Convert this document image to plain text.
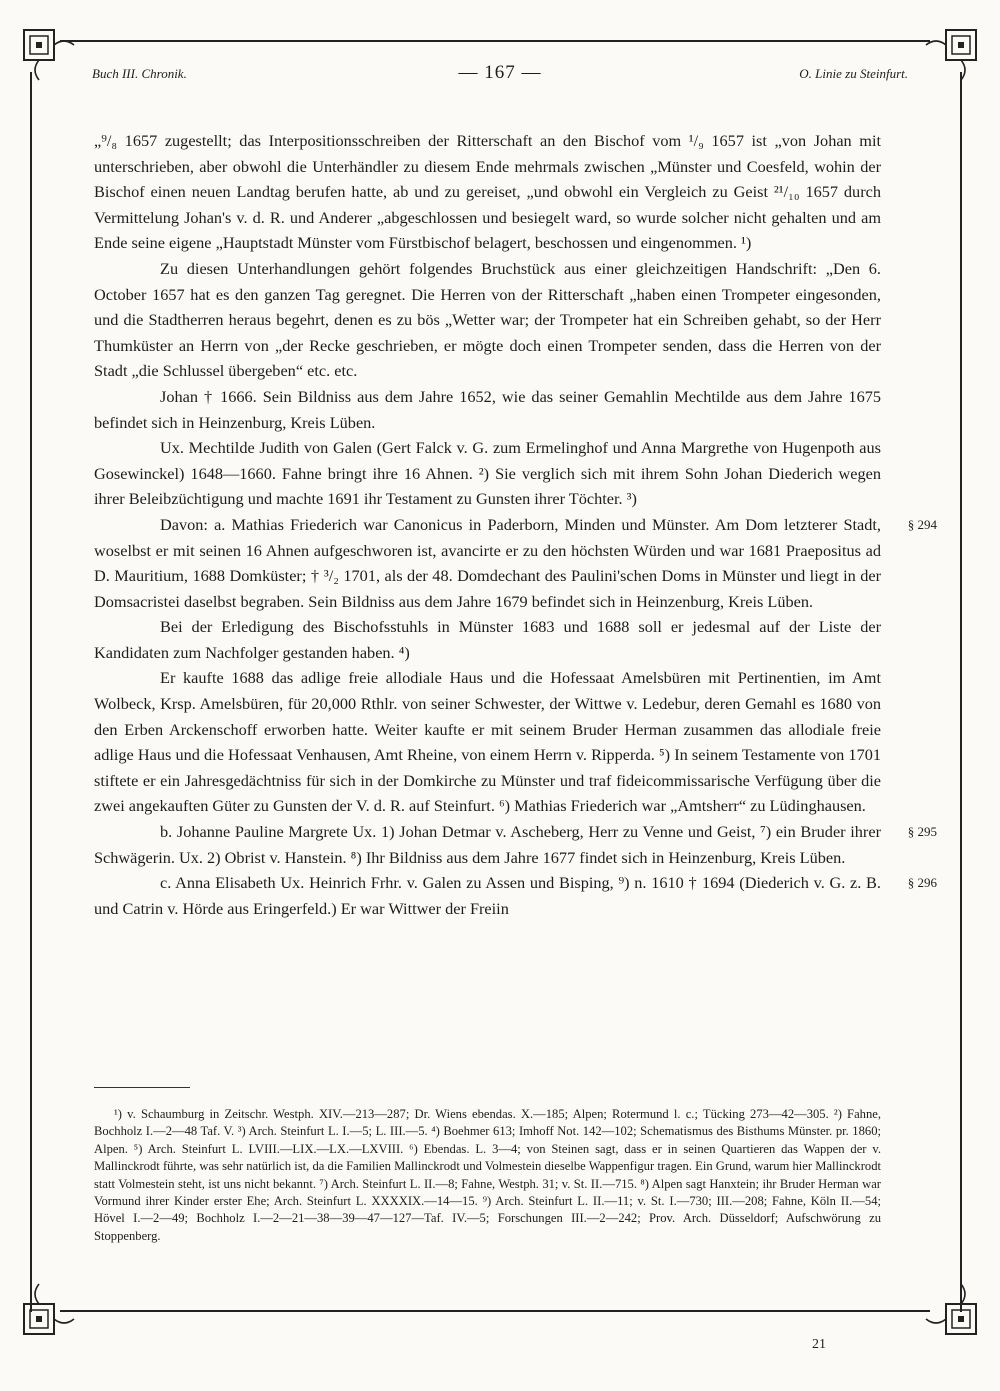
Buch III. Chronik.	— 167 —	O. Linie zu Steinfurt.

„⁹/₈ 1657 zugestellt; das Interpositionsschreiben der Ritterschaft an den Bischof vom ¹/₉ 1657 ist „von Johan mit unterschrieben, aber obwohl die Unterhändler zu diesem Ende mehrmals zwischen „Münster und Coesfeld, wohin der Bischof einen neuen Landtag berufen hatte, ab und zu gereiset, „und obwohl ein Vergleich zu Geist ²¹/₁₀ 1657 durch Vermittelung Johan's v. d. R. und Anderer „abgeschlossen und besiegelt ward, so wurde solcher nicht gehalten und am Ende seine eigene „Hauptstadt Münster vom Fürstbischof belagert, beschossen und eingenommen. ¹)

Zu diesen Unterhandlungen gehört folgendes Bruchstück aus einer gleichzeitigen Handschrift: „Den 6. October 1657 hat es den ganzen Tag geregnet. Die Herren von der Ritterschaft „haben einen Trompeter eingesonden, und die Stadtherren heraus begehrt, denen es zu bös „Wetter war; der Trompeter hat ein Schreiben gehabt, so der Herr Thumküster an Herrn von „der Recke geschrieben, er mögte doch einen Trompeter senden, dass die Herren von der Stadt „die Schlussel übergeben“ etc. etc.

Johan † 1666. Sein Bildniss aus dem Jahre 1652, wie das seiner Gemahlin Mechtilde aus dem Jahre 1675 befindet sich in Heinzenburg, Kreis Lüben.

Ux. Mechtilde Judith von Galen (Gert Falck v. G. zum Ermelinghof und Anna Margrethe von Hugenpoth aus Gosewinckel) 1648—1660. Fahne bringt ihre 16 Ahnen. ²) Sie verglich sich mit ihrem Sohn Johan Diederich wegen ihrer Beleibzüchtigung und machte 1691 ihr Testament zu Gunsten ihrer Töchter. ³)

§ 294

Davon: a. Mathias Friederich war Canonicus in Paderborn, Minden und Münster. Am Dom letzterer Stadt, woselbst er mit seinen 16 Ahnen aufgeschworen ist, avancirte er zu den höchsten Würden und war 1681 Praepositus ad D. Mauritium, 1688 Domküster; † ³/₂ 1701, als der 48. Domdechant des Paulini'schen Doms in Münster und liegt in der Domsacristei daselbst begraben. Sein Bildniss aus dem Jahre 1679 befindet sich in Heinzenburg, Kreis Lüben.

Bei der Erledigung des Bischofsstuhls in Münster 1683 und 1688 soll er jedesmal auf der Liste der Kandidaten zum Nachfolger gestanden haben. ⁴)

Er kaufte 1688 das adlige freie allodiale Haus und die Hofessaat Amelsbüren mit Pertinentien, im Amt Wolbeck, Krsp. Amelsbüren, für 20,000 Rthlr. von seiner Schwester, der Wittwe v. Ledebur, deren Gemahl es 1680 von den Erben Arckenschoff erworben hatte. Weiter kaufte er mit seinem Bruder Herman zusammen das allodiale freie adlige Haus und die Hofessaat Venhausen, Amt Rheine, von einem Herrn v. Ripperda. ⁵) In seinem Testamente von 1701 stiftete er ein Jahresgedächtniss für sich in der Domkirche zu Münster und traf fideicommissarische Verfügung über die zwei angekauften Güter zu Gunsten der V. d. R. auf Steinfurt. ⁶) Mathias Friederich war „Amtsherr“ zu Lüdinghausen.

§ 295

b. Johanne Pauline Margrete Ux. 1) Johan Detmar v. Ascheberg, Herr zu Venne und Geist, ⁷) ein Bruder ihrer Schwägerin. Ux. 2) Obrist v. Hanstein. ⁸) Ihr Bildniss aus dem Jahre 1677 findet sich in Heinzenburg, Kreis Lüben.

§ 296

c. Anna Elisabeth Ux. Heinrich Frhr. v. Galen zu Assen und Bisping, ⁹) n. 1610 † 1694 (Diederich v. G. z. B. und Catrin v. Hörde aus Eringerfeld.) Er war Wittwer der Freiin

¹) v. Schaumburg in Zeitschr. Westph. XIV.—213—287; Dr. Wiens ebendas. X.—185; Alpen; Rotermund l. c.; Tücking 273—42—305. ²) Fahne, Bochholz I.—2—48 Taf. V. ³) Arch. Steinfurt L. I.—5; L. III.—5. ⁴) Boehmer 613; Imhoff Not. 142—102; Schematismus des Bisthums Münster. pr. 1860; Alpen. ⁵) Arch. Steinfurt L. LVIII.—LIX.—LX.—LXVIII. ⁶) Ebendas. L. 3—4; von Steinen sagt, dass er in seinen Quartieren das Wappen der v. Mallinckrodt führte, was sehr natürlich ist, da die Familien Mallinckrodt und Volmestein dieselbe Wappenfigur tragen. Ein Grund, warum hier Mallinckrodt statt Volmestein steht, ist uns nicht bekannt. ⁷) Arch. Steinfurt L. II.—8; Fahne, Westph. 31; v. St. II.—715. ⁸) Alpen sagt Hanxtein; ihr Bruder Herman war Vormund ihrer Kinder erster Ehe; Arch. Steinfurt L. XXXXIX.—14—15. ⁹) Arch. Steinfurt L. II.—11; v. St. I.—730; III.—208; Fahne, Köln II.—54; Hövel I.—2—49; Bochholz I.—2—21—38—39—47—127—Taf. IV.—5; Forschungen III.—2—242; Prov. Arch. Düsseldorf; Aufschwörung zu Stoppenberg.

21
